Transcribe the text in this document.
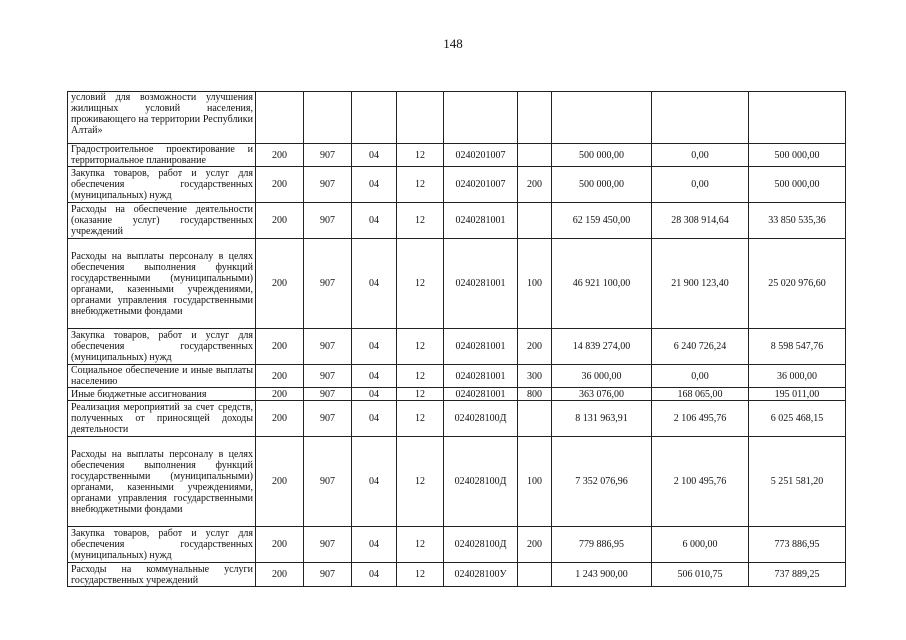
148
условий для возможности улучшения жилищных условий населения, проживающего на территории Республики Алтай»									
Градостроительное проектирование и территориальное планирование	200	907	04	12	0240201007		500 000,00	0,00	500 000,00
Закупка товаров, работ и услуг для обеспечения государственных (муниципальных) нужд	200	907	04	12	0240201007	200	500 000,00	0,00	500 000,00
Расходы на обеспечение деятельности (оказание услуг) государственных учреждений	200	907	04	12	0240281001		62 159 450,00	28 308 914,64	33 850 535,36
Расходы на выплаты персоналу в целях обеспечения выполнения функций государственными (муниципальными) органами, казенными учреждениями, органами управления государственными внебюджетными фондами	200	907	04	12	0240281001	100	46 921 100,00	21 900 123,40	25 020 976,60
Закупка товаров, работ и услуг для обеспечения государственных (муниципальных) нужд	200	907	04	12	0240281001	200	14 839 274,00	6 240 726,24	8 598 547,76
Социальное обеспечение и иные выплаты населению	200	907	04	12	0240281001	300	36 000,00	0,00	36 000,00
Иные бюджетные ассигнования	200	907	04	12	0240281001	800	363 076,00	168 065,00	195 011,00
Реализация мероприятий за счет средств, полученных от приносящей доходы деятельности	200	907	04	12	024028100Д		8 131 963,91	2 106 495,76	6 025 468,15
Расходы на выплаты персоналу в целях обеспечения выполнения функций государственными (муниципальными) органами, казенными учреждениями, органами управления государственными внебюджетными фондами	200	907	04	12	024028100Д	100	7 352 076,96	2 100 495,76	5 251 581,20
Закупка товаров, работ и услуг для обеспечения государственных (муниципальных) нужд	200	907	04	12	024028100Д	200	779 886,95	6 000,00	773 886,95
Расходы на коммунальные услуги государственных учреждений	200	907	04	12	024028100У		1 243 900,00	506 010,75	737 889,25
